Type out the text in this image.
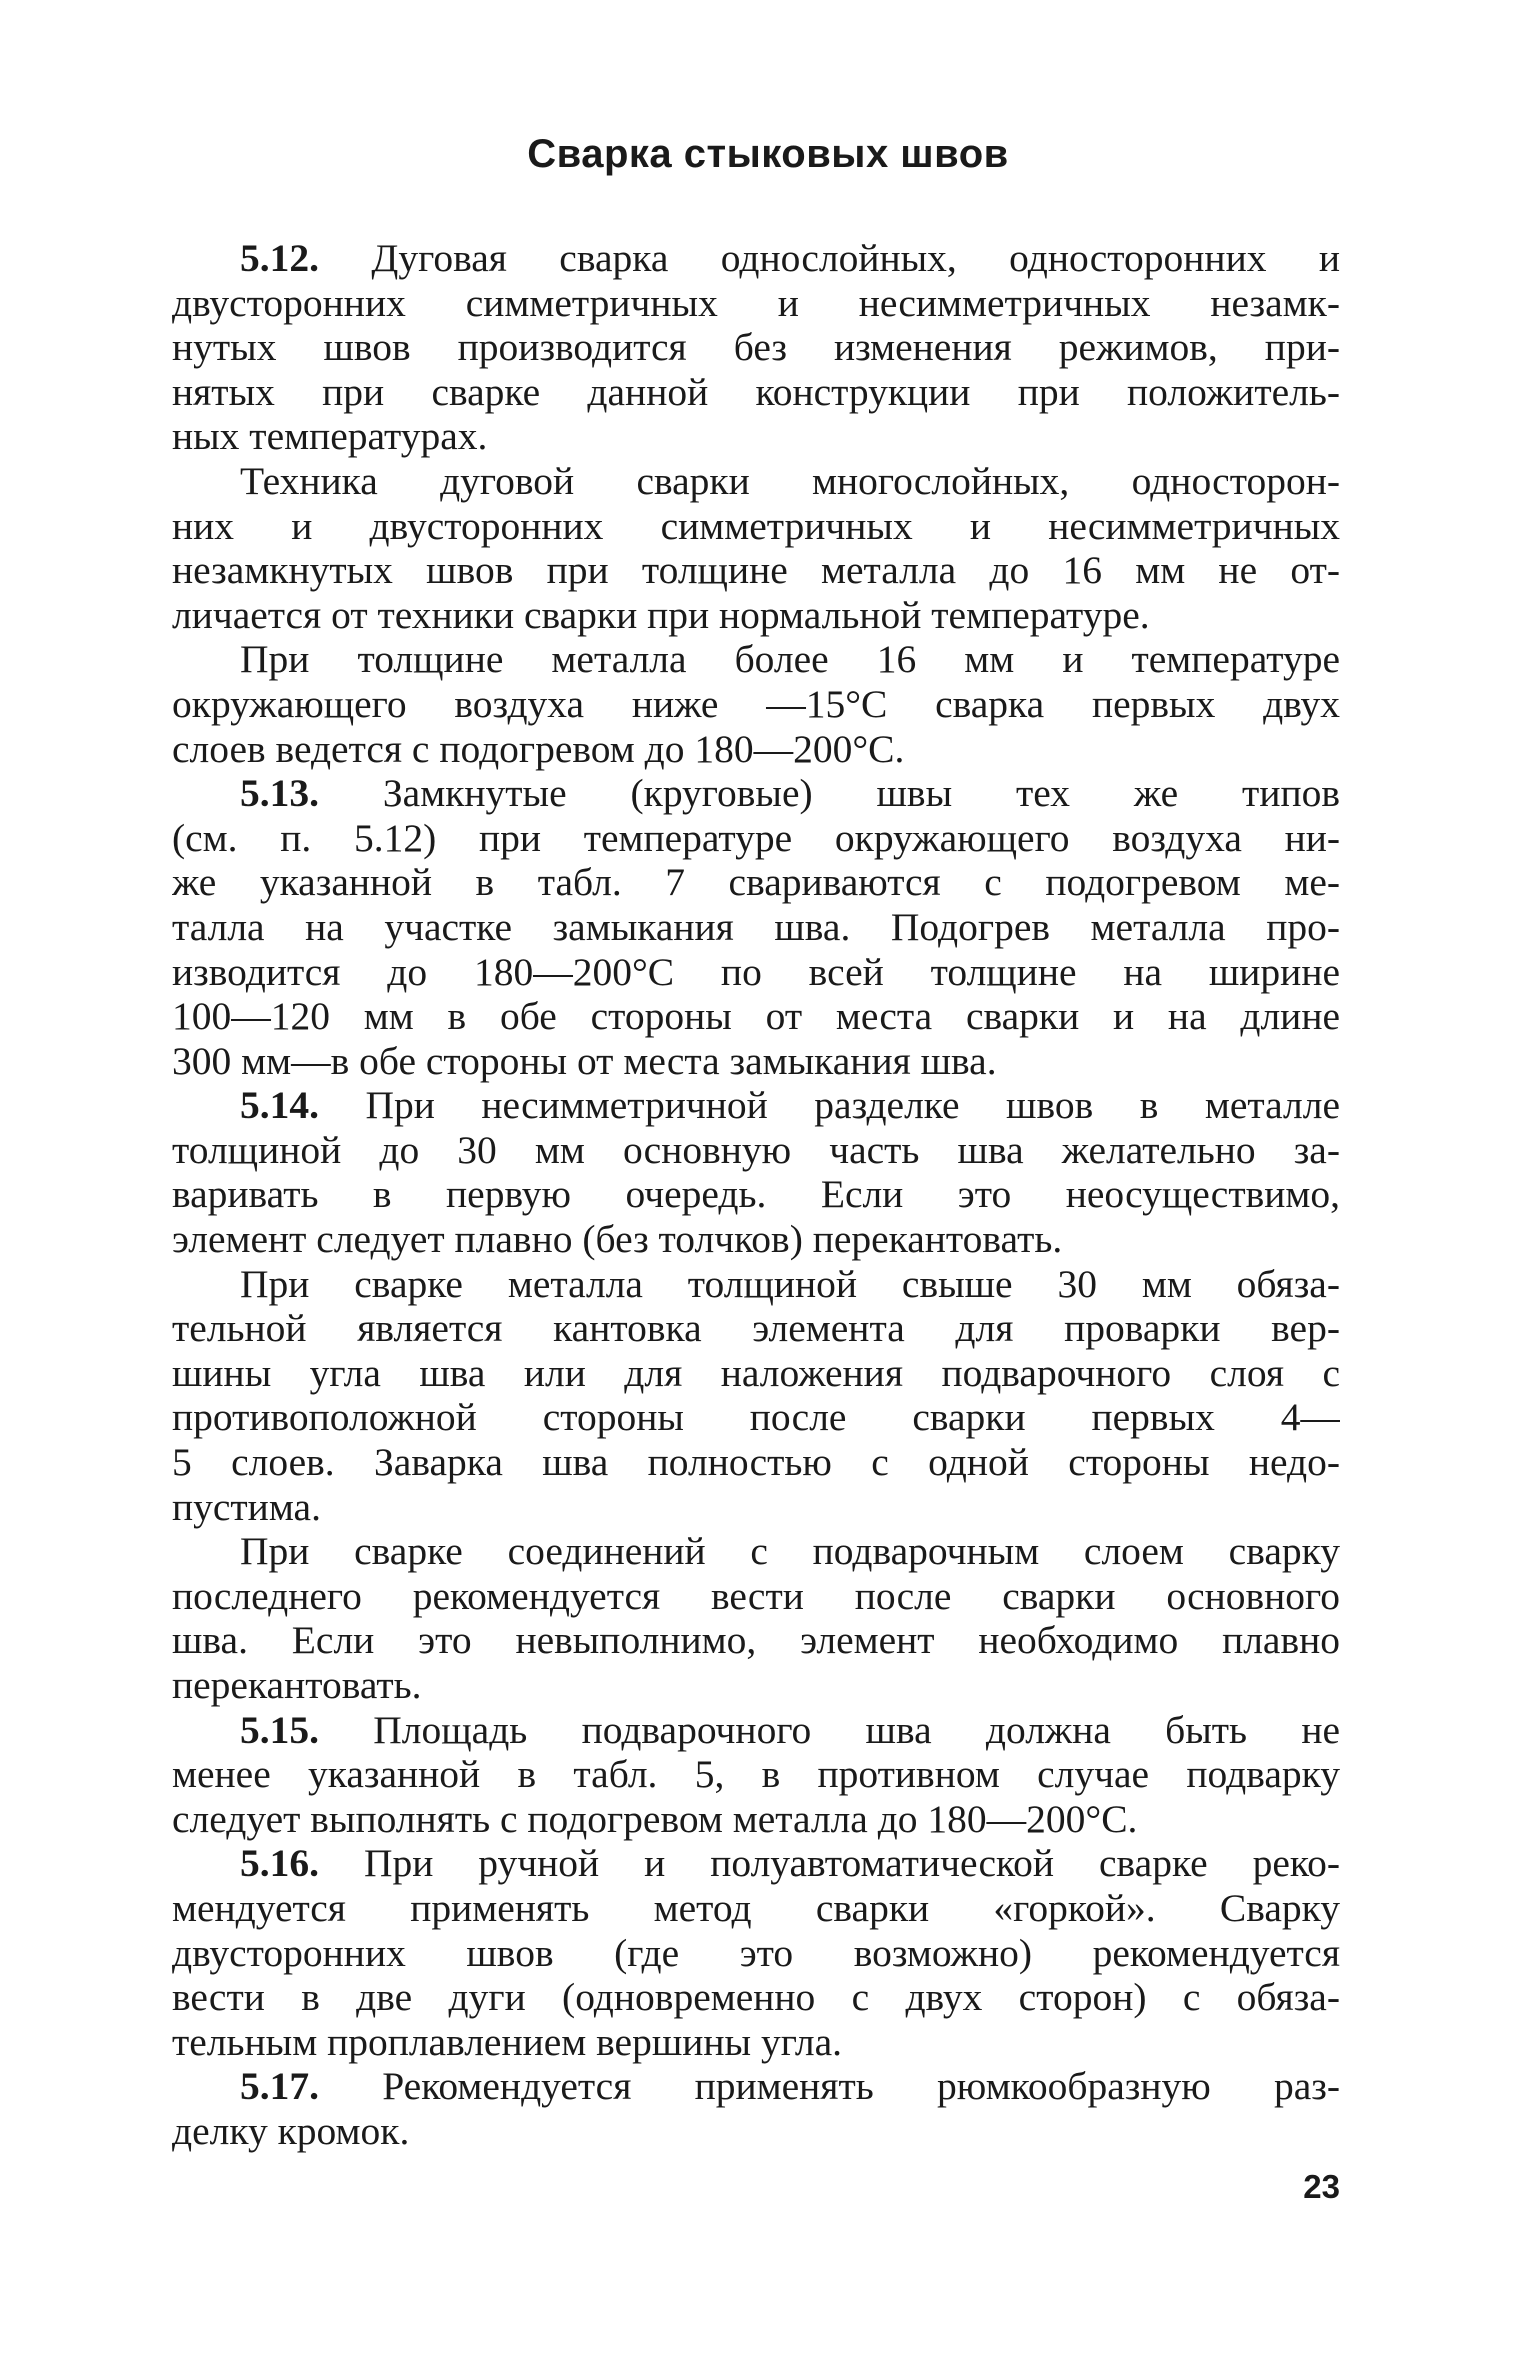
Сварка стыковых швов
5.12. Дуговая сварка однослойных, односторонних и
двусторонних симметричных и несимметричных незамк-
нутых швов производится без изменения режимов, при-
нятых при сварке данной конструкции при положитель-
ных температурах.
Техника дуговой сварки многослойных, односторон-
них и двусторонних симметричных и несимметричных
незамкнутых швов при толщине металла до 16 мм не от-
личается от техники сварки при нормальной температуре.
При толщине металла более 16 мм и температуре
окружающего воздуха ниже —15°С сварка первых двух
слоев ведется с подогревом до 180—200°С.
5.13. Замкнутые (круговые) швы тех же типов
(см. п. 5.12) при температуре окружающего воздуха ни-
же указанной в табл. 7 свариваются с подогревом ме-
талла на участке замыкания шва. Подогрев металла про-
изводится до 180—200°С по всей толщине на ширине
100—120 мм в обе стороны от места сварки и на длине
300 мм—в обе стороны от места замыкания шва.
5.14. При несимметричной разделке швов в металле
толщиной до 30 мм основную часть шва желательно за-
варивать в первую очередь. Если это неосуществимо,
элемент следует плавно (без толчков) перекантовать.
При сварке металла толщиной свыше 30 мм обяза-
тельной является кантовка элемента для проварки вер-
шины угла шва или для наложения подварочного слоя с
противоположной стороны после сварки первых 4—
5 слоев. Заварка шва полностью с одной стороны недо-
пустима.
При сварке соединений с подварочным слоем сварку
последнего рекомендуется вести после сварки основного
шва. Если это невыполнимо, элемент необходимо плавно
перекантовать.
5.15. Площадь подварочного шва должна быть не
менее указанной в табл. 5, в противном случае подварку
следует выполнять с подогревом металла до 180—200°С.
5.16. При ручной и полуавтоматической сварке реко-
мендуется применять метод сварки «горкой». Сварку
двусторонних швов (где это возможно) рекомендуется
вести в две дуги (одновременно с двух сторон) с обяза-
тельным проплавлением вершины угла.
5.17. Рекомендуется применять рюмкообразную раз-
делку кромок.
23
